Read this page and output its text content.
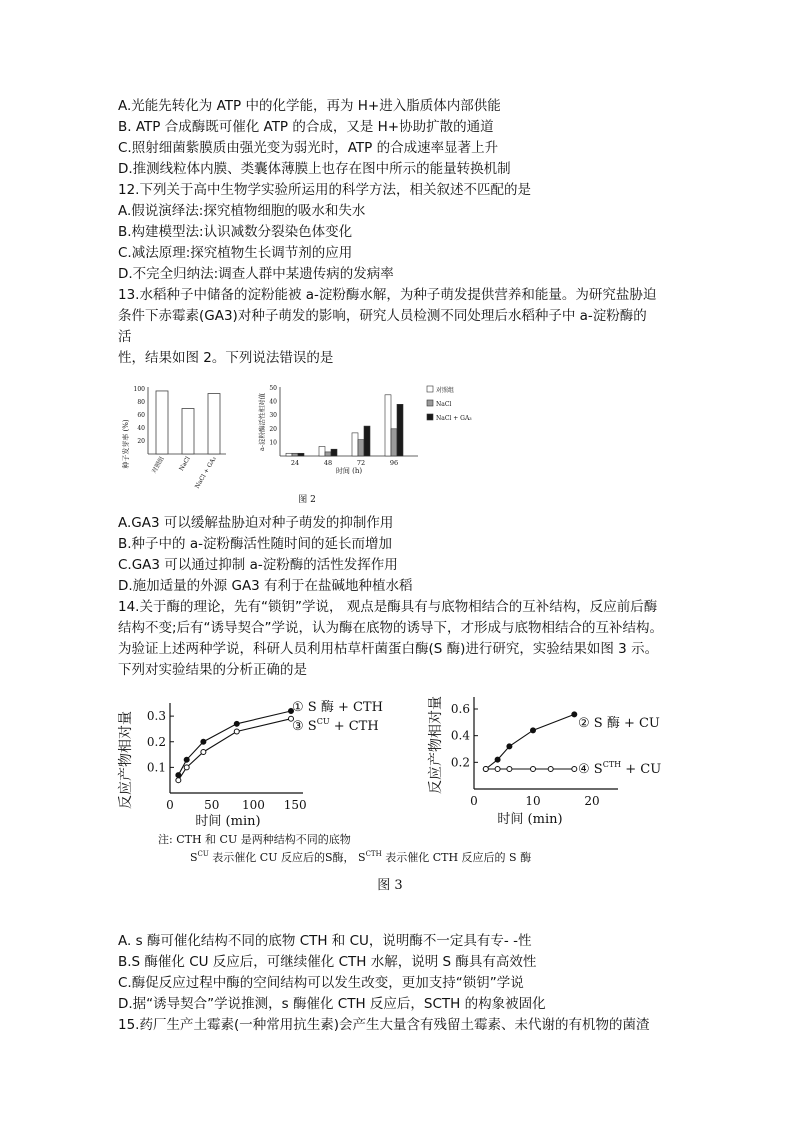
A.光能先转化为 ATP 中的化学能，再为 H+进入脂质体内部供能
B. ATP 合成酶既可催化 ATP 的合成，又是 H+协助扩散的通道
C.照射细菌紫膜质由强光变为弱光时，ATP 的合成速率显著上升
D.推测线粒体内膜、类囊体薄膜上也存在图中所示的能量转换机制
12.下列关于高中生物学实验所运用的科学方法，相关叙述不匹配的是
A.假说演绎法:探究植物细胞的吸水和失水
B.构建模型法:认识减数分裂染色体变化
C.减法原理:探究植物生长调节剂的应用
D.不完全归纳法:调查人群中某遗传病的发病率
13.水稻种子中储备的淀粉能被 a-淀粉酶水解，为种子萌发提供营养和能量。为研究盐胁迫
条件下赤霉素(GA3)对种子萌发的影响，研究人员检测不同处理后水稻种子中 a-淀粉酶的
活
性，结果如图 2。下列说法错误的是
种子发芽率 (%)
100
80
60
40
20
对照组 NaCl NaCl + GA₃
a-淀粉酶活性相对值
50
40
30
20
10
24	48	72	96
时间 (h)
对照组
NaCl
NaCl + GA₃
图 2
A.GA3 可以缓解盐胁迫对种子萌发的抑制作用
B.种子中的 a-淀粉酶活性随时间的延长而增加
C.GA3 可以通过抑制 a-淀粉酶的活性发挥作用
D.施加适量的外源 GA3 有利于在盐碱地种植水稻
14.关于酶的理论，先有“锁钥”学说， 观点是酶具有与底物相结合的互补结构，反应前后酶
结构不变;后有“诱导契合”学说，认为酶在底物的诱导下，才形成与底物相结合的互补结构。
为验证上述两种学说，科研人员利用枯草杆菌蛋白酶(S 酶)进行研究，实验结果如图 3 示。
下列对实验结果的分析正确的是
反应产物相对量 0.3
0.2
0.1
0	50 100 150
① S 酶 + CTH
③ $S^{CU}$ + CTH
时间 (min)
反应产物相对量 0.6
0.4
0.2
0	10	20
② S 酶 + CU
④ $S^{CTH}$ + CU
时间 (min)
注: CTH 和 CU 是两种结构不同的底物
$S^{CU}$ 表示催化 CU 反应后的S酶， $S^{CTH}$ 表示催化 CTH 反应后的 S 酶
图 3
A. s 酶可催化结构不同的底物 CTH 和 CU，说明酶不一定具有专- -性
B.S 酶催化 CU 反应后，可继续催化 CTH 水解，说明 S 酶具有高效性
C.酶促反应过程中酶的空间结构可以发生改变，更加支持“锁钥”学说
D.据“诱导契合”学说推测，s 酶催化 CTH 反应后，SCTH 的构象被固化
15.药厂生产土霉素(一种常用抗生素)会产生大量含有残留土霉素、未代谢的有机物的菌渣
